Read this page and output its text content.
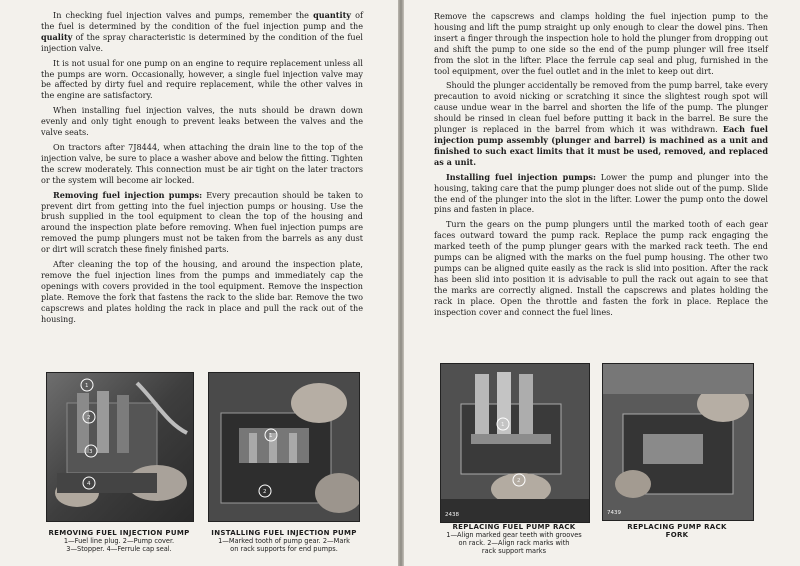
In checking fuel injection valves and pumps, remember the quantity of the fuel is determined by the condition of the fuel injection pump and the quality of the spray characteristic is determined by the condition of the fuel injection valve.

It is not usual for one pump on an engine to require replacement unless all the pumps are worn. Occasionally, however, a single fuel injection valve may be affected by dirty fuel and require replacement, while the other valves in the engine are satisfactory.

When installing fuel injection valves, the nuts should be drawn down evenly and only tight enough to prevent leaks between the valves and the valve seats.

On tractors after 7J8444, when attaching the drain line to the top of the injection valve, be sure to place a washer above and below the fitting. Tighten the screw moderately. This connection must be air tight on the later tractors or the system will become air locked.

Removing fuel injection pumps: Every precaution should be taken to prevent dirt from getting into the fuel injection pumps or housing. Use the brush supplied in the tool equipment to clean the top of the housing and around the inspection plate before removing. When fuel injection pumps are removed the pump plungers must not be taken from the barrels as any dust or dirt will scratch these finely finished parts.

After cleaning the top of the housing, and around the inspection plate, remove the fuel injection lines from the pumps and immediately cap the openings with covers provided in the tool equipment. Remove the inspection plate. Remove the fork that fastens the rack to the slide bar. Remove the two capscrews and plates holding the rack in place and pull the rack out of the housing.

1
2
3
4
REMOVING FUEL INJECTION PUMP
1—Fuel line plug. 2—Pump cover.
3—Stopper. 4—Ferrule cap seal.
1
2
INSTALLING FUEL INJECTION PUMP
1—Marked tooth of pump gear. 2—Mark
on rack supports for end pumps.

Remove the capscrews and clamps holding the fuel injection pump to the housing and lift the pump straight up only enough to clear the dowel pins. Then insert a finger through the inspection hole to hold the plunger from dropping out and shift the pump to one side so the end of the pump plunger will free itself from the slot in the lifter. Place the ferrule cap seal and plug, furnished in the tool equipment, over the fuel outlet and in the inlet to keep out dirt.

Should the plunger accidentally be removed from the pump barrel, take every precaution to avoid nicking or scratching it since the slightest rough spot will cause undue wear in the barrel and shorten the life of the pump. The plunger should be rinsed in clean fuel before putting it back in the barrel. Be sure the plunger is replaced in the barrel from which it was withdrawn. Each fuel injection pump assembly (plunger and barrel) is machined as a unit and finished to such exact limits that it must be used, removed, and replaced as a unit.

Installing fuel injection pumps: Lower the pump and plunger into the housing, taking care that the pump plunger does not slide out of the pump. Slide the end of the plunger into the slot in the lifter. Lower the pump onto the dowel pins and fasten in place.

Turn the gears on the pump plungers until the marked tooth of each gear faces outward toward the pump rack. Replace the pump rack engaging the marked teeth of the pump plunger gears with the marked rack teeth. The end pumps can be aligned with the marks on the fuel pump housing. The other two pumps can be aligned quite easily as the rack is slid into position. After the rack has been slid into position it is advisable to pull the rack out again to see that the marks are correctly aligned. Install the capscrews and plates holding the rack in place. Open the throttle and fasten the fork in place. Replace the inspection cover and connect the fuel lines.

2438
1
2
REPLACING FUEL PUMP RACK
1—Align marked gear teeth with grooves
on rack. 2—Align rack marks with
rack support marks
7439
REPLACING PUMP RACK
FORK
